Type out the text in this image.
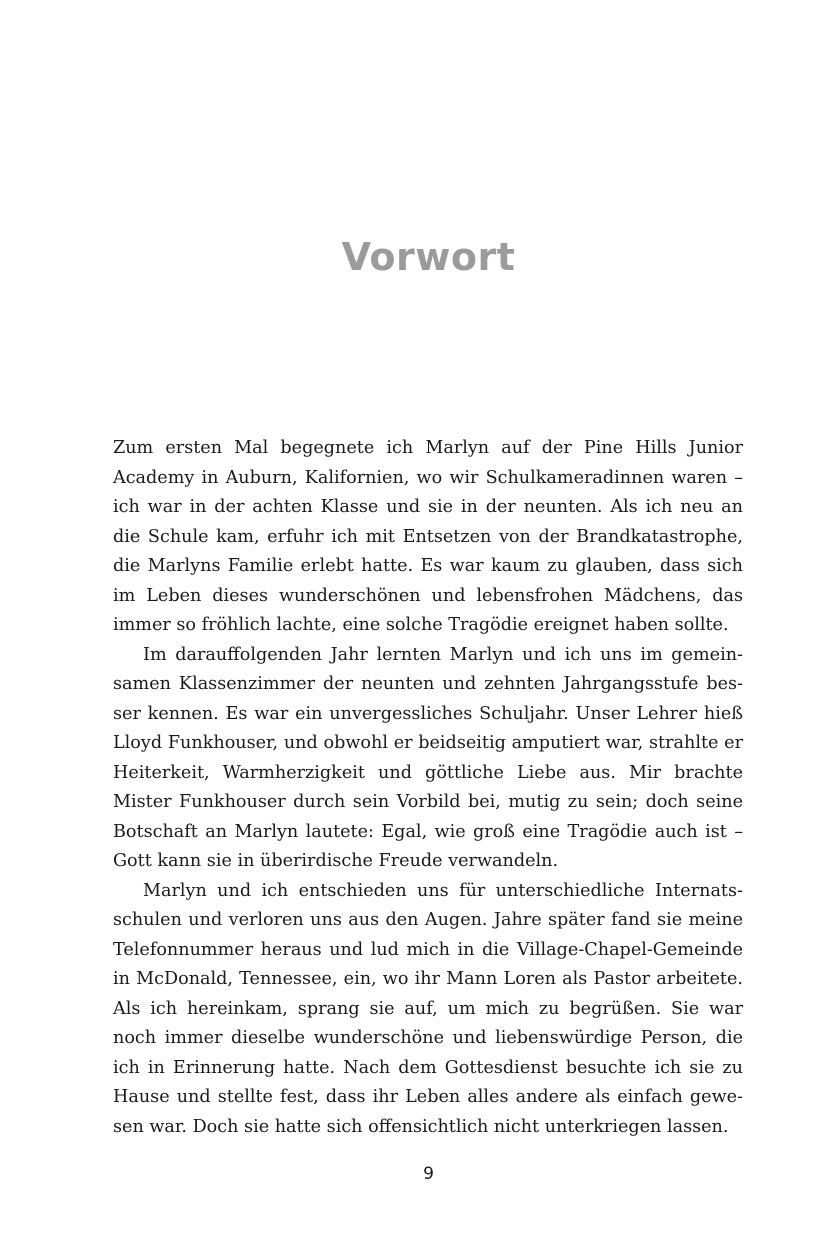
Vorwort

Zum ersten Mal begegnete ich Marlyn auf der Pine Hills Junior Academy in Auburn, Kalifornien, wo wir Schulkameradinnen waren – ich war in der achten Klasse und sie in der neunten. Als ich neu an die Schule kam, erfuhr ich mit Entsetzen von der Brandkatastrophe, die Marlyns Familie erlebt hatte. Es war kaum zu glauben, dass sich im Leben dieses wunderschönen und lebensfrohen Mädchens, das immer so fröhlich lachte, eine solche Tragödie ereignet haben sollte.

Im darauffolgenden Jahr lernten Marlyn und ich uns im gemeinsamen Klassenzimmer der neunten und zehnten Jahrgangsstufe besser kennen. Es war ein unvergessliches Schuljahr. Unser Lehrer hieß Lloyd Funkhouser, und obwohl er beidseitig amputiert war, strahlte er Heiterkeit, Warmherzigkeit und göttliche Liebe aus. Mir brachte Mister Funkhouser durch sein Vorbild bei, mutig zu sein; doch seine Botschaft an Marlyn lautete: Egal, wie groß eine Tragödie auch ist – Gott kann sie in überirdische Freude verwandeln.

Marlyn und ich entschieden uns für unterschiedliche Internatsschulen und verloren uns aus den Augen. Jahre später fand sie meine Telefonnummer heraus und lud mich in die Village-Chapel-Gemeinde in McDonald, Tennessee, ein, wo ihr Mann Loren als Pastor arbeitete. Als ich hereinkam, sprang sie auf, um mich zu begrüßen. Sie war noch immer dieselbe wunderschöne und liebenswürdige Person, die ich in Erinnerung hatte. Nach dem Gottesdienst besuchte ich sie zu Hause und stellte fest, dass ihr Leben alles andere als einfach gewesen war. Doch sie hatte sich offensichtlich nicht unterkriegen lassen.

9
